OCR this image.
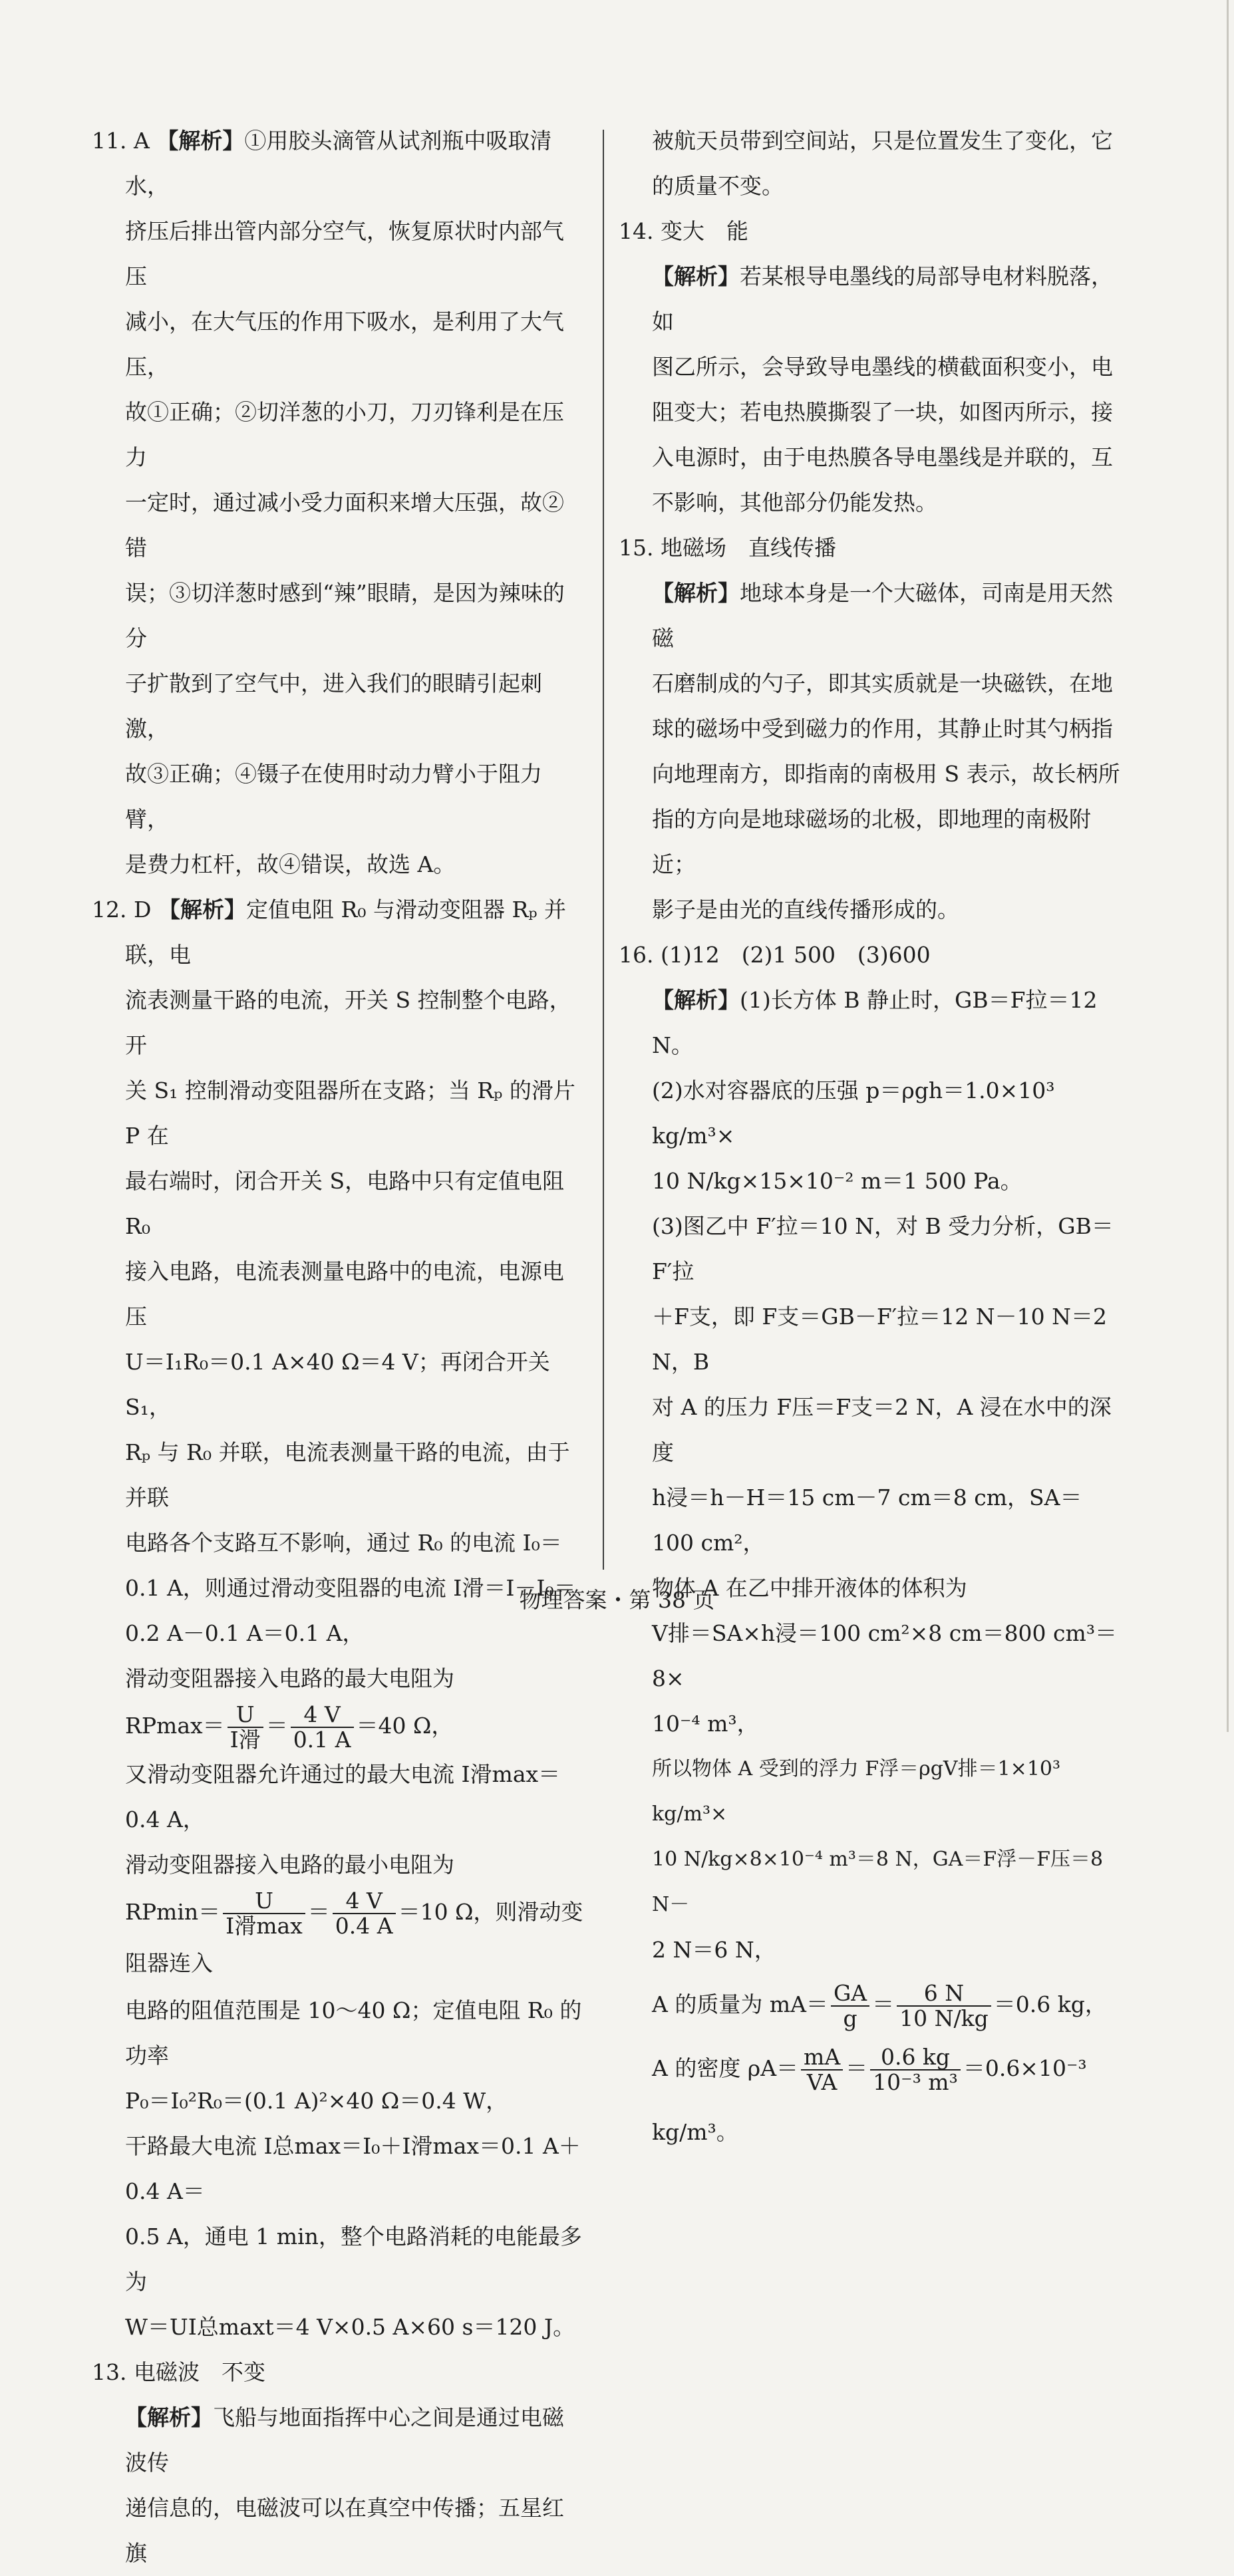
11. A 【解析】①用胶头滴管从试剂瓶中吸取清水，
挤压后排出管内部分空气，恢复原状时内部气压
减小，在大气压的作用下吸水，是利用了大气压，
故①正确；②切洋葱的小刀，刀刃锋利是在压力
一定时，通过减小受力面积来增大压强，故②错
误；③切洋葱时感到“辣”眼睛，是因为辣味的分
子扩散到了空气中，进入我们的眼睛引起刺激，
故③正确；④镊子在使用时动力臂小于阻力臂，
是费力杠杆，故④错误，故选 A。
12. D 【解析】定值电阻 R₀ 与滑动变阻器 Rₚ 并联，电
流表测量干路的电流，开关 S 控制整个电路，开
关 S₁ 控制滑动变阻器所在支路；当 Rₚ 的滑片 P 在
最右端时，闭合开关 S，电路中只有定值电阻 R₀
接入电路，电流表测量电路中的电流，电源电压
U＝I₁R₀＝0.1 A×40 Ω＝4 V；再闭合开关 S₁，
Rₚ 与 R₀ 并联，电流表测量干路的电流，由于并联
电路各个支路互不影响，通过 R₀ 的电流 I₀＝
0.1 A，则通过滑动变阻器的电流 I滑＝I－I₀＝
0.2 A－0.1 A＝0.1 A，
滑动变阻器接入电路的最大电阻为
$RPmax= \frac{U}{\text{I滑}} = \frac{4 V}{0.1 A} =40$ Ω，
又滑动变阻器允许通过的最大电流 I滑max＝0.4 A，
滑动变阻器接入电路的最小电阻为
$RPmin= \frac{U}{\text{I滑max}} = \frac{4 V}{0.4 A} =10$ Ω，则滑动变阻器连入
电路的阻值范围是 10～40 Ω；定值电阻 R₀ 的功率
P₀＝I₀²R₀＝(0.1 A)²×40 Ω＝0.4 W，
干路最大电流 I总max＝I₀＋I滑max＝0.1 A＋0.4 A＝
0.5 A，通电 1 min，整个电路消耗的电能最多为
W＝UI总maxt＝4 V×0.5 A×60 s＝120 J。
13. 电磁波　不变
【解析】飞船与地面指挥中心之间是通过电磁波传
递信息的，电磁波可以在真空中传播；五星红旗
被航天员带到空间站，只是位置发生了变化，它
的质量不变。
14. 变大　能
【解析】若某根导电墨线的局部导电材料脱落，如
图乙所示，会导致导电墨线的横截面积变小，电
阻变大；若电热膜撕裂了一块，如图丙所示，接
入电源时，由于电热膜各导电墨线是并联的，互
不影响，其他部分仍能发热。
15. 地磁场　直线传播
【解析】地球本身是一个大磁体，司南是用天然磁
石磨制成的勺子，即其实质就是一块磁铁，在地
球的磁场中受到磁力的作用，其静止时其勺柄指
向地理南方，即指南的南极用 S 表示，故长柄所
指的方向是地球磁场的北极，即地理的南极附近；
影子是由光的直线传播形成的。
16. (1)12　(2)1 500　(3)600
【解析】(1)长方体 B 静止时，GB＝F拉＝12 N。
(2)水对容器底的压强 p＝ρgh＝1.0×10³ kg/m³×
10 N/kg×15×10⁻² m＝1 500 Pa。
(3)图乙中 F′拉＝10 N，对 B 受力分析，GB＝F′拉
＋F支，即 F支＝GB－F′拉＝12 N－10 N＝2 N，B
对 A 的压力 F压＝F支＝2 N，A 浸在水中的深度
h浸＝h－H＝15 cm－7 cm＝8 cm，SA＝100 cm²，
物体 A 在乙中排开液体的体积为
V排＝SA×h浸＝100 cm²×8 cm＝800 cm³＝8×
10⁻⁴ m³，
所以物体 A 受到的浮力 F浮＝ρgV排＝1×10³ kg/m³×
10 N/kg×8×10⁻⁴ m³＝8 N，GA＝F浮－F压＝8 N－
2 N＝6 N，
A 的质量为 $mA= \frac{GA}{g} = \frac{6 N}{10 N/kg} =0.6$ kg，
A 的密度 $\rho A= \frac{mA}{VA} = \frac{0.6 kg}{\text{10⁻³ m³}} =0.6\times 10^{-3}$ kg/m³。
物理答案・第 38 页
